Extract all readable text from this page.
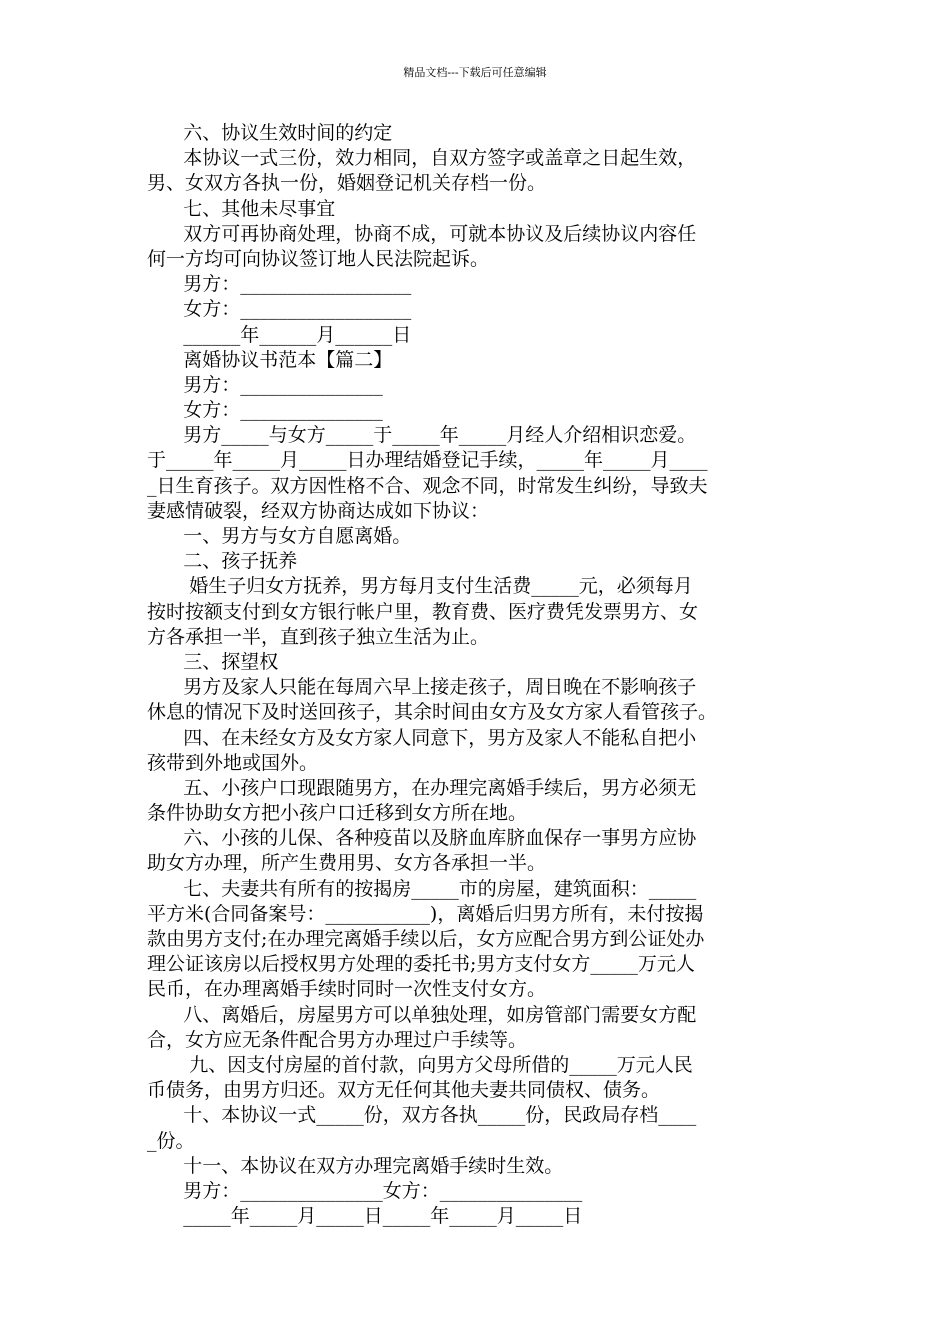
精品文档---下载后可任意编辑
六、协议生效时间的约定
本协议一式三份，效力相同，自双方签字或盖章之日起生效，
男、女双方各执一份，婚姻登记机关存档一份。
七、其他未尽事宜
双方可再协商处理，协商不成，可就本协议及后续协议内容任
何一方均可向协议签订地人民法院起诉。
男方：__________________
女方：__________________
______年______月______日
离婚协议书范本【篇二】
男方：_______________
女方：_______________
男方_____与女方_____于_____年_____月经人介绍相识恋爱。
于_____年_____月_____日办理结婚登记手续，_____年_____月____
_日生育孩子。双方因性格不合、观念不同，时常发生纠纷，导致夫
妻感情破裂，经双方协商达成如下协议：
一、男方与女方自愿离婚。
二、孩子抚养
婚生子归女方抚养，男方每月支付生活费_____元，必须每月
按时按额支付到女方银行帐户里，教育费、医疗费凭发票男方、女
方各承担一半，直到孩子独立生活为止。
三、探望权
男方及家人只能在每周六早上接走孩子，周日晚在不影响孩子
休息的情况下及时送回孩子，其余时间由女方及女方家人看管孩子。
四、在未经女方及女方家人同意下，男方及家人不能私自把小
孩带到外地或国外。
五、小孩户口现跟随男方，在办理完离婚手续后，男方必须无
条件协助女方把小孩户口迁移到女方所在地。
六、小孩的儿保、各种疫苗以及脐血库脐血保存一事男方应协
助女方办理，所产生费用男、女方各承担一半。
七、夫妻共有所有的按揭房_____市的房屋，建筑面积：_____
平方米(合同备案号：___________)，离婚后归男方所有，未付按揭
款由男方支付;在办理完离婚手续以后，女方应配合男方到公证处办
理公证该房以后授权男方处理的委托书;男方支付女方_____万元人
民币，在办理离婚手续时同时一次性支付女方。
八、离婚后，房屋男方可以单独处理，如房管部门需要女方配
合，女方应无条件配合男方办理过户手续等。
九、因支付房屋的首付款，向男方父母所借的_____万元人民
币债务，由男方归还。双方无任何其他夫妻共同债权、债务。
十、本协议一式_____份，双方各执_____份，民政局存档____
_份。
十一、本协议在双方办理完离婚手续时生效。
男方：_______________女方：_______________
_____年_____月_____日_____年_____月_____日
